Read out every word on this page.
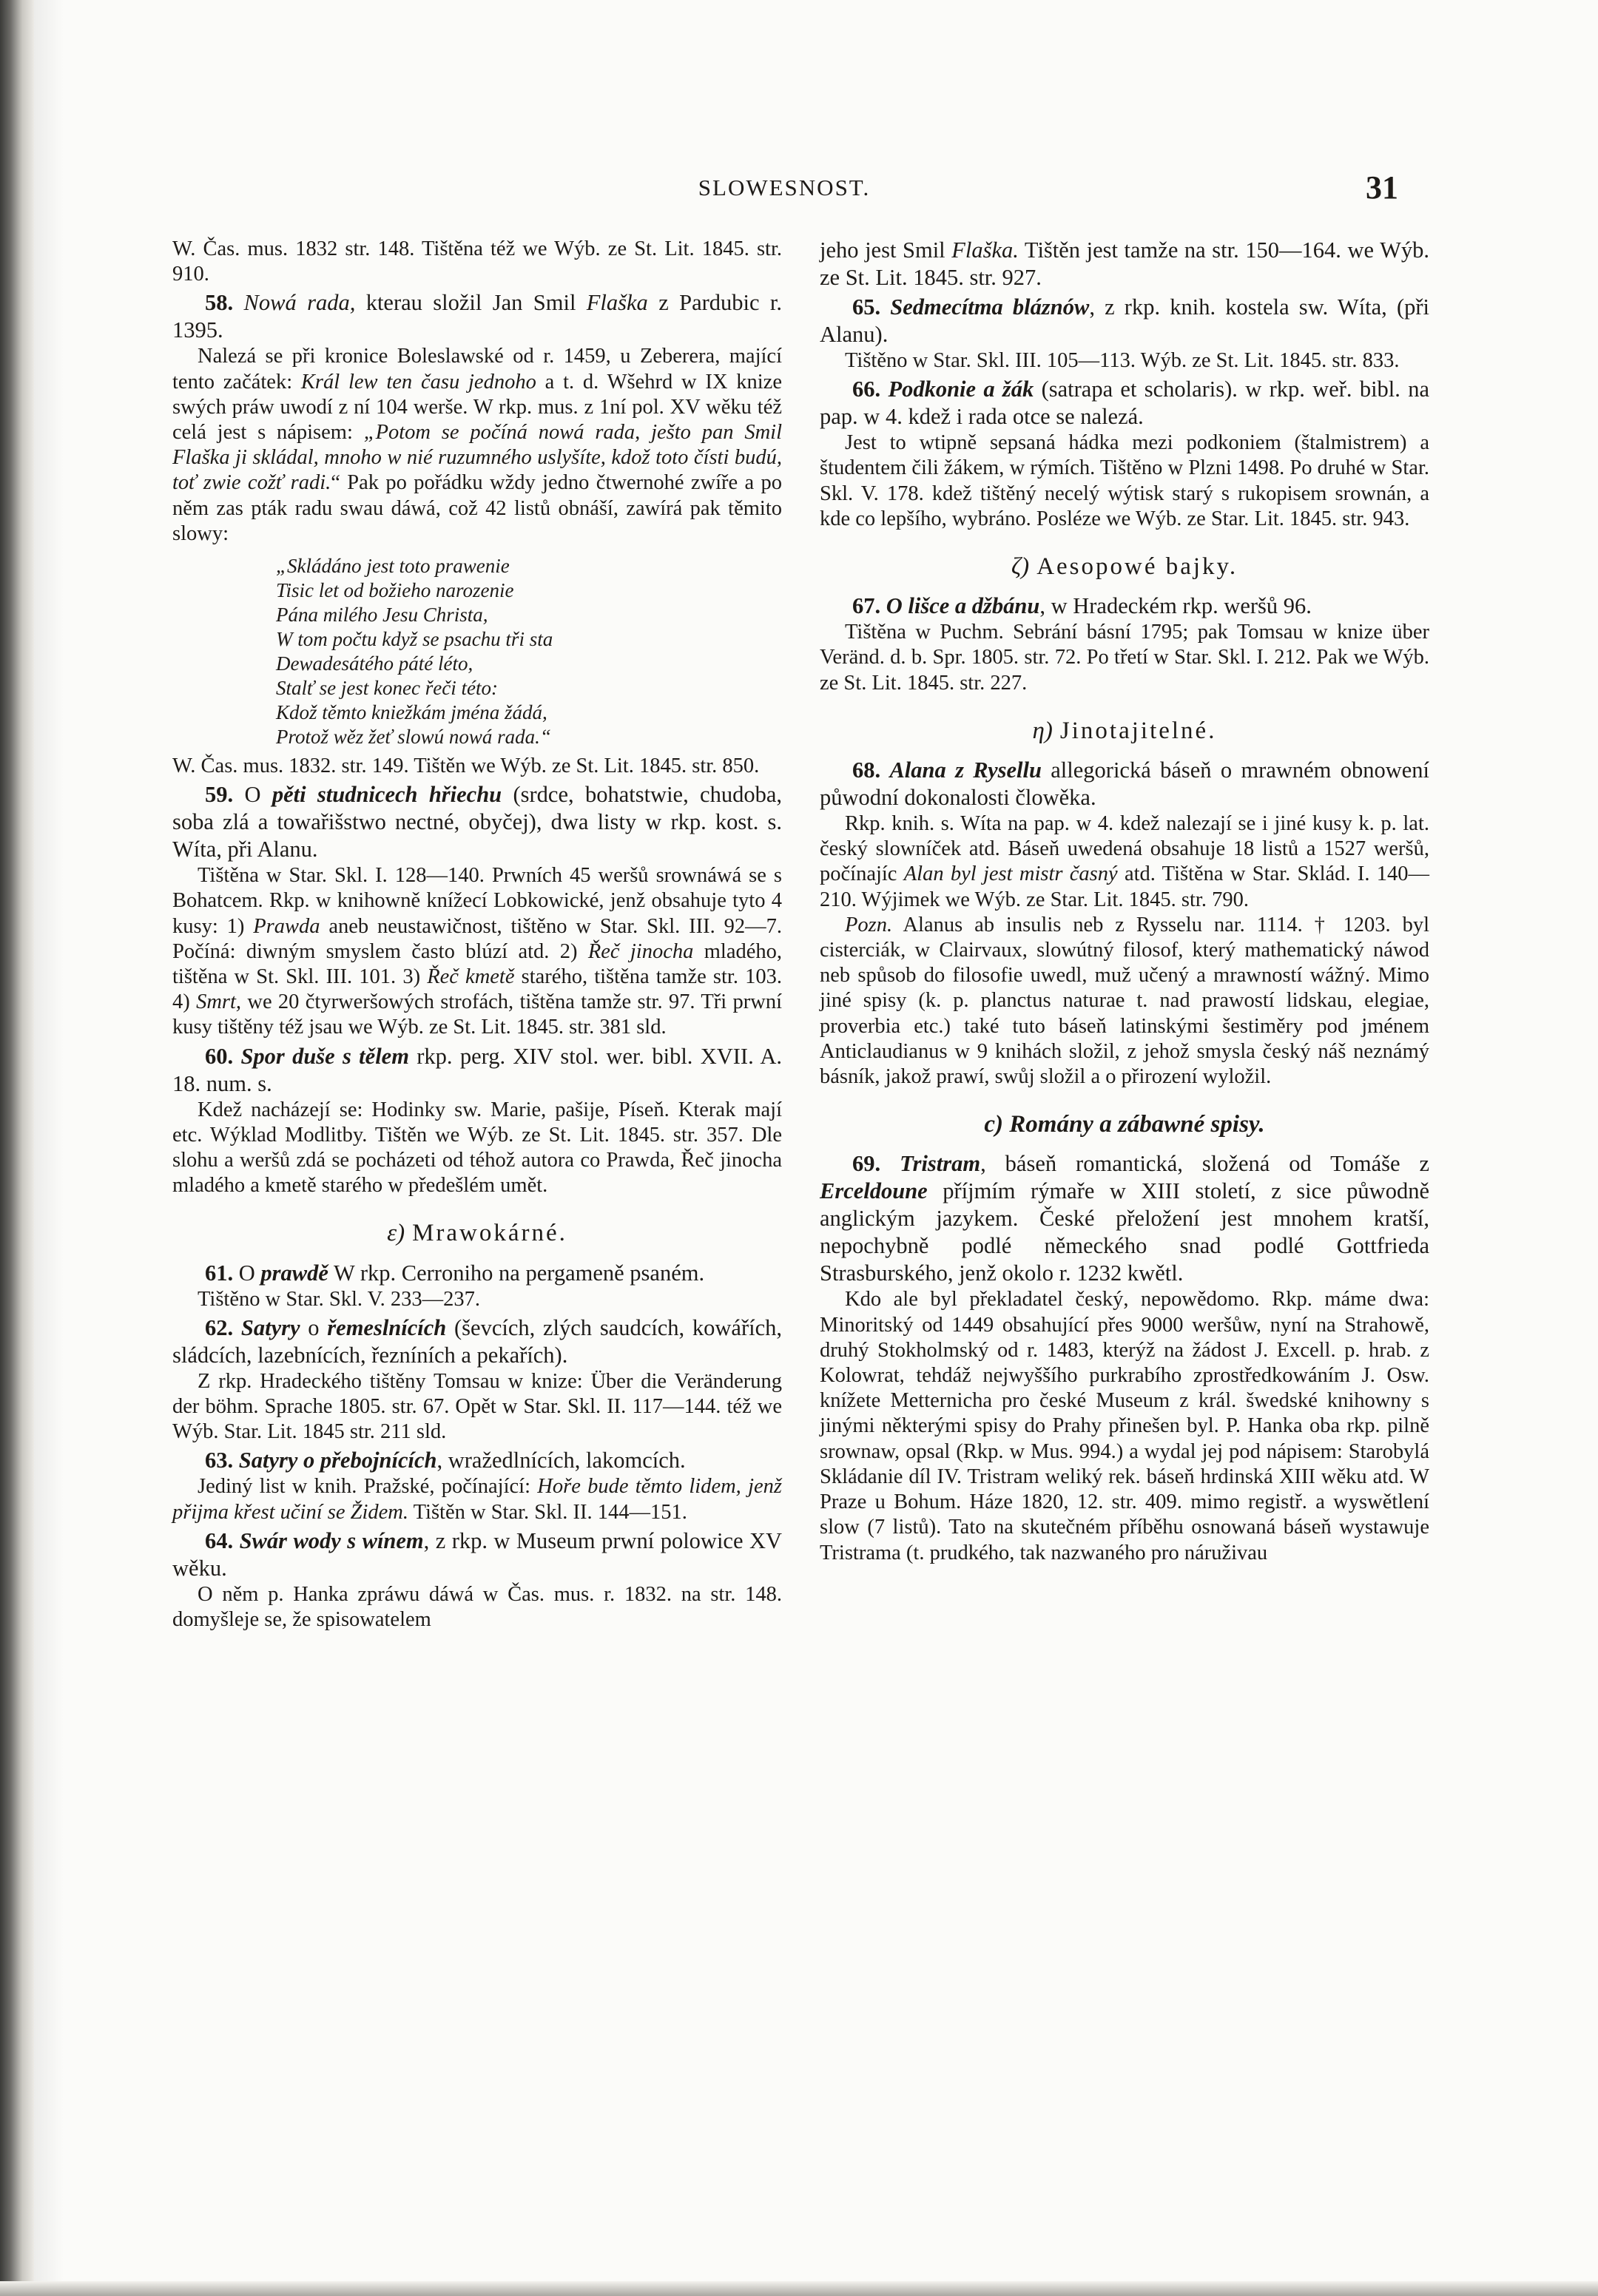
SLOWESNOST.	31

W. Čas. mus. 1832 str. 148. Tištěna též we Wýb. ze St. Lit. 1845. str. 910.

58. Nowá rada, kterau složil Jan Smil Flaška z Pardubic r. 1395.

Nalezá se při kronice Boleslawské od r. 1459, u Zeberera, mající tento začátek: Král lew ten času jednoho a t. d. Wšehrd w IX knize swých práw uwodí z ní 104 werše. W rkp. mus. z 1ní pol. XV wěku též celá jest s nápisem: „Potom se počíná nowá rada, ješto pan Smil Flaška ji skládal, mnoho w nié ruzumného uslyšíte, kdož toto čísti budú, toť zwie cožť radi.“ Pak po pořádku wždy jedno čtwernohé zwíře a po něm zas pták radu swau dáwá, což 42 listů obnáší, zawírá pak těmito slowy:

„Skládáno jest toto prawenie
Tisic let od božieho narozenie
Pána milého Jesu Christa,
W tom počtu když se psachu tři sta
Dewadesátého páté léto,
Stalť se jest konec řeči této:
Kdož těmto kniežkám jména žádá,
Protož wěz žeť slowú nowá rada.“

W. Čas. mus. 1832. str. 149. Tištěn we Wýb. ze St. Lit. 1845. str. 850.

59. O pěti studnicech hřiechu (srdce, bohatstwie, chudoba, soba zlá a towařišstwo nectné, obyčej), dwa listy w rkp. kost. s. Wíta, při Alanu.

Tištěna w Star. Skl. I. 128—140. Prwních 45 weršů srownáwá se s Bohatcem. Rkp. w knihowně knížecí Lobkowické, jenž obsahuje tyto 4 kusy: 1) Prawda aneb neustawičnost, tištěno w Star. Skl. III. 92—7. Počíná: diwným smyslem často blúzí atd. 2) Řeč jinocha mladého, tištěna w St. Skl. III. 101. 3) Řeč kmetě starého, tištěna tamže str. 103. 4) Smrt, we 20 čtyrweršowých strofách, tištěna tamže str. 97. Tři prwní kusy tištěny též jsau we Wýb. ze St. Lit. 1845. str. 381 sld.

60. Spor duše s tělem rkp. perg. XIV stol. wer. bibl. XVII. A. 18. num. s.

Kdež nacházejí se: Hodinky sw. Marie, pašije, Píseň. Kterak mají etc. Wýklad Modlitby. Tištěn we Wýb. ze St. Lit. 1845. str. 357. Dle slohu a weršů zdá se pocházeti od téhož autora co Prawda, Řeč jinocha mladého a kmetě starého w předešlém umět.

ε) Mrawokárné.

61. O prawdě W rkp. Cerroniho na pergameně psaném.

Tištěno w Star. Skl. V. 233—237.

62. Satyry o řemeslnících (ševcích, zlých saudcích, kowářích, sládcích, lazebnících, řezníních a pekařích).

Z rkp. Hradeckého tištěny Tomsau w knize: Über die Veränderung der böhm. Sprache 1805. str. 67. Opět w Star. Skl. II. 117—144. též we Wýb. Star. Lit. 1845 str. 211 sld.

63. Satyry o přebojnících, wražedlnících, lakomcích.

Jediný list w knih. Pražské, počínající: Hoře bude těmto lidem, jenž přijma křest učiní se Židem. Tištěn w Star. Skl. II. 144—151.

64. Swár wody s wínem, z rkp. w Museum prwní polowice XV wěku.

O něm p. Hanka zpráwu dáwá w Čas. mus. r. 1832. na str. 148. domyšleje se, že spisowatelem

jeho jest Smil Flaška. Tištěn jest tamže na str. 150—164. we Wýb. ze St. Lit. 1845. str. 927.

65. Sedmecítma bláznów, z rkp. knih. kostela sw. Wíta, (při Alanu).

Tištěno w Star. Skl. III. 105—113. Wýb. ze St. Lit. 1845. str. 833.

66. Podkonie a žák (satrapa et scholaris). w rkp. weř. bibl. na pap. w 4. kdež i rada otce se nalezá.

Jest to wtipně sepsaná hádka mezi podkoniem (štalmistrem) a študentem čili žákem, w rýmích. Tištěno w Plzni 1498. Po druhé w Star. Skl. V. 178. kdež tištěný necelý wýtisk starý s rukopisem srownán, a kde co lepšího, wybráno. Posléze we Wýb. ze Star. Lit. 1845. str. 943.

ζ) Aesopowé bajky.

67. O lišce a džbánu, w Hradeckém rkp. weršů 96.

Tištěna w Puchm. Sebrání básní 1795; pak Tomsau w knize über Veränd. d. b. Spr. 1805. str. 72. Po třetí w Star. Skl. I. 212. Pak we Wýb. ze St. Lit. 1845. str. 227.

η) Jinotajitelné.

68. Alana z Rysellu allegorická báseň o mrawném obnowení půwodní dokonalosti člowěka.

Rkp. knih. s. Wíta na pap. w 4. kdež nalezají se i jiné kusy k. p. lat. český slowníček atd. Báseň uwedená obsahuje 18 listů a 1527 weršů, počínajíc Alan byl jest mistr časný atd. Tištěna w Star. Sklád. I. 140—210. Wýjimek we Wýb. ze Star. Lit. 1845. str. 790.

Pozn. Alanus ab insulis neb z Rysselu nar. 1114. † 1203. byl cisterciák, w Clairvaux, slowútný filosof, který mathematický náwod neb spůsob do filosofie uwedl, muž učený a mrawností wážný. Mimo jiné spisy (k. p. planctus naturae t. nad prawostí lidskau, elegiae, proverbia etc.) také tuto báseň latinskými šestiměry pod jménem Anticlaudianus w 9 knihách složil, z jehož smysla český náš neznámý básník, jakož prawí, swůj složil a o přirození wyložil.

c) Romány a zábawné spisy.

69. Tristram, báseň romantická, složená od Tomáše z Erceldoune příjmím rýmaře w XIII století, z sice půwodně anglickým jazykem. České přeložení jest mnohem kratší, nepochybně podlé německého snad podlé Gottfrieda Strasburského, jenž okolo r. 1232 kwětl.

Kdo ale byl překladatel český, nepowědomo. Rkp. máme dwa: Minoritský od 1449 obsahující přes 9000 weršůw, nyní na Strahowě, druhý Stokholmský od r. 1483, kterýž na žádost J. Excell. p. hrab. z Kolowrat, tehdáž nejwyššího purkrabího zprostředkowáním J. Osw. knížete Metternicha pro české Museum z král. šwedské knihowny s jinými některými spisy do Prahy přinešen byl. P. Hanka oba rkp. pilně srownaw, opsal (Rkp. w Mus. 994.) a wydal jej pod nápisem: Starobylá Skládanie díl IV. Tristram weliký rek. báseň hrdinská XIII wěku atd. W Praze u Bohum. Háze 1820, 12. str. 409. mimo registř. a wyswětlení slow (7 listů). Tato na skutečném příběhu osnowaná báseň wystawuje Tristrama (t. prudkého, tak nazwaného pro náruživau
